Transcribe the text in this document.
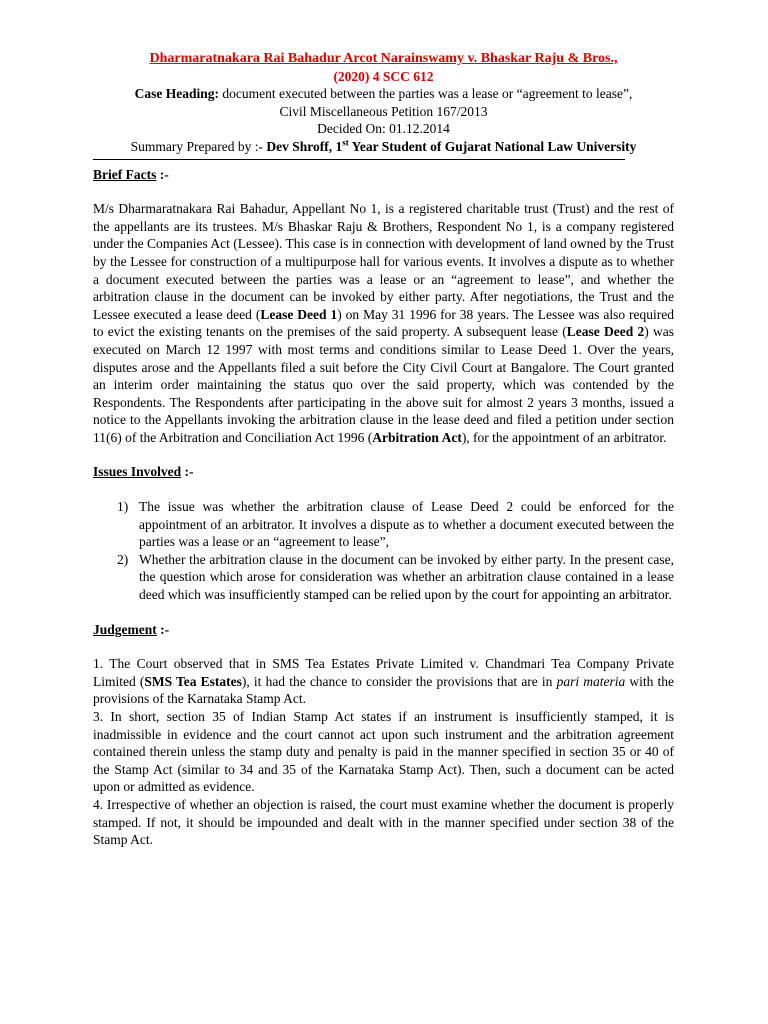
Dharmaratnakara Rai Bahadur Arcot Narainswamy v. Bhaskar Raju & Bros.,
(2020) 4 SCC 612
Case Heading: document executed between the parties was a lease or “agreement to lease”,
Civil Miscellaneous Petition 167/2013
Decided On: 01.12.2014
Summary Prepared by :- Dev Shroff, 1st Year Student of Gujarat National Law University
Brief Facts :-
M/s Dharmaratnakara Rai Bahadur, Appellant No 1, is a registered charitable trust (Trust) and the rest of the appellants are its trustees. M/s Bhaskar Raju & Brothers, Respondent No 1, is a company registered under the Companies Act (Lessee). This case is in connection with development of land owned by the Trust by the Lessee for construction of a multipurpose hall for various events. It involves a dispute as to whether a document executed between the parties was a lease or an “agreement to lease”, and whether the arbitration clause in the document can be invoked by either party. After negotiations, the Trust and the Lessee executed a lease deed (Lease Deed 1) on May 31 1996 for 38 years. The Lessee was also required to evict the existing tenants on the premises of the said property. A subsequent lease (Lease Deed 2) was executed on March 12 1997 with most terms and conditions similar to Lease Deed 1. Over the years, disputes arose and the Appellants filed a suit before the City Civil Court at Bangalore. The Court granted an interim order maintaining the status quo over the said property, which was contended by the Respondents. The Respondents after participating in the above suit for almost 2 years 3 months, issued a notice to the Appellants invoking the arbitration clause in the lease deed and filed a petition under section 11(6) of the Arbitration and Conciliation Act 1996 (Arbitration Act), for the appointment of an arbitrator.
Issues Involved :-
1) The issue was whether the arbitration clause of Lease Deed 2 could be enforced for the appointment of an arbitrator. It involves a dispute as to whether a document executed between the parties was a lease or an “agreement to lease”,
2) Whether the arbitration clause in the document can be invoked by either party. In the present case, the question which arose for consideration was whether an arbitration clause contained in a lease deed which was insufficiently stamped can be relied upon by the court for appointing an arbitrator.
Judgement :-
1. The Court observed that in SMS Tea Estates Private Limited v. Chandmari Tea Company Private Limited (SMS Tea Estates), it had the chance to consider the provisions that are in pari materia with the provisions of the Karnataka Stamp Act.
3. In short, section 35 of Indian Stamp Act states if an instrument is insufficiently stamped, it is inadmissible in evidence and the court cannot act upon such instrument and the arbitration agreement contained therein unless the stamp duty and penalty is paid in the manner specified in section 35 or 40 of the Stamp Act (similar to 34 and 35 of the Karnataka Stamp Act). Then, such a document can be acted upon or admitted as evidence.
4. Irrespective of whether an objection is raised, the court must examine whether the document is properly stamped. If not, it should be impounded and dealt with in the manner specified under section 38 of the Stamp Act.
